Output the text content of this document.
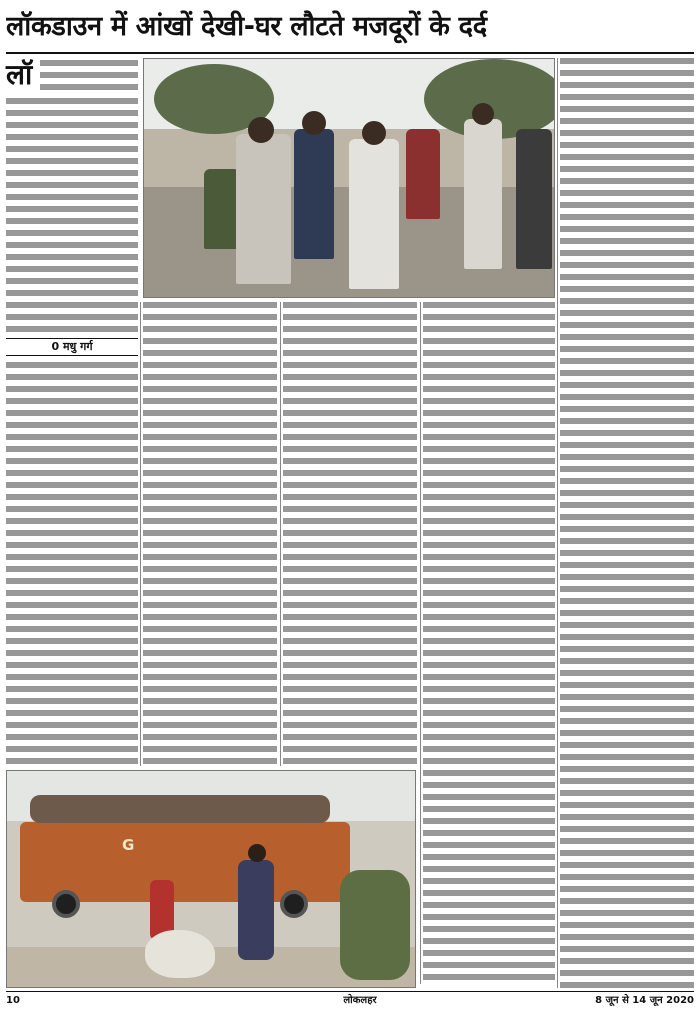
लॉकडाउन में आंखों देखी-घर लौटते मजदूरों के दर्द
लॉ
0 मधु गर्ग
G
10	लोकलहर	8 जून से 14 जून 2020
